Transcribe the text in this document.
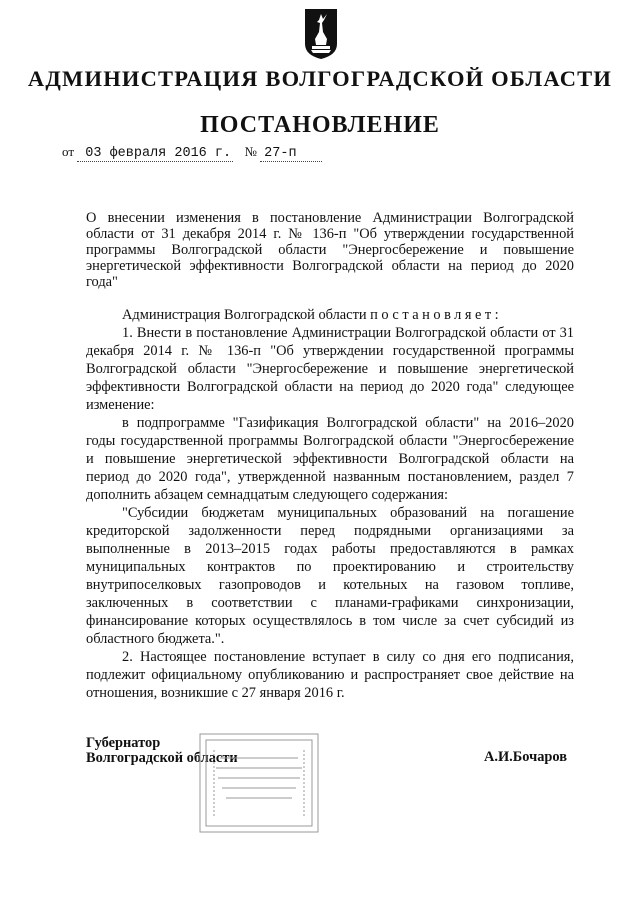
АДМИНИСТРАЦИЯ ВОЛГОГРАДСКОЙ ОБЛАСТИ
ПОСТАНОВЛЕНИЕ
от 03 февраля 2016 г. № 27-п
О внесении изменения в постановление Администрации Волгоградской области от 31 декабря 2014 г. № 136-п "Об утверждении государственной программы Волгоградской области "Энергосбережение и повышение энергетической эффективности Волгоградской области на период до 2020 года"

Администрация Волгоградской области постановляет:

1. Внести в постановление Администрации Волгоградской области от 31 декабря 2014 г. № 136-п "Об утверждении государственной программы Волгоградской области "Энергосбережение и повышение энергетической эффективности Волгоградской области на период до 2020 года" следующее изменение:

в подпрограмме "Газификация Волгоградской области" на 2016–2020 годы государственной программы Волгоградской области "Энергосбережение и повышение энергетической эффективности Волгоградской области на период до 2020 года", утвержденной названным постановлением, раздел 7 дополнить абзацем семнадцатым следующего содержания:

"Субсидии бюджетам муниципальных образований на погашение кредиторской задолженности перед подрядными организациями за выполненные в 2013–2015 годах работы предоставляются в рамках муниципальных контрактов по проектированию и строительству внутрипоселковых газопроводов и котельных на газовом топливе, заключенных в соответствии с планами-графиками синхронизации, финансирование которых осуществлялось в том числе за счет субсидий из областного бюджета.".

2. Настоящее постановление вступает в силу со дня его подписания, подлежит официальному опубликованию и распространяет свое действие на отношения, возникшие с 27 января 2016 г.

Губернатор
Волгоградской области	А.И.Бочаров
